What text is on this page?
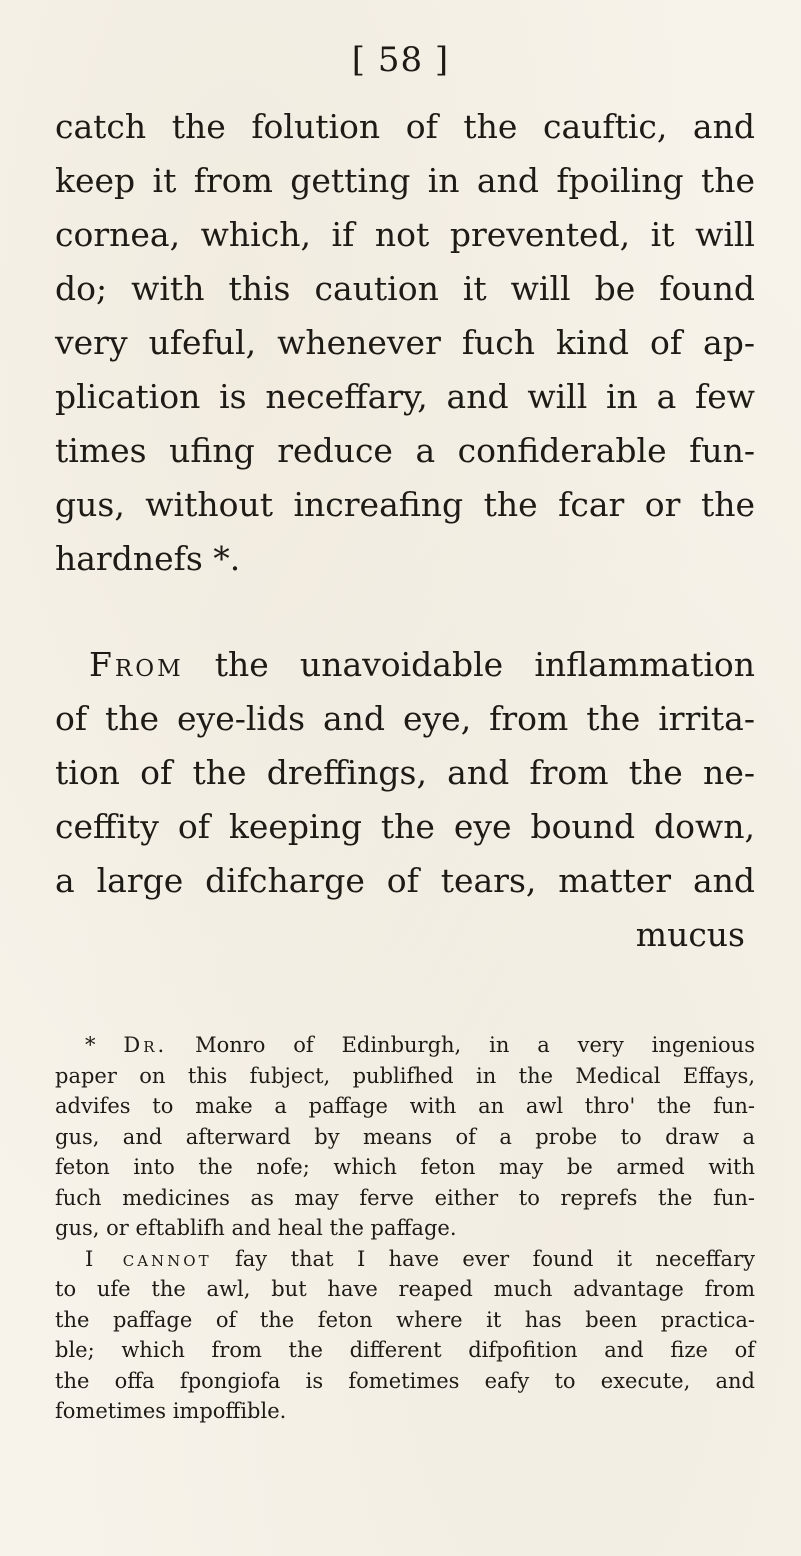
[ 58 ]
catch the folution of the cauftic, and
keep it from getting in and fpoiling the
cornea, which, if not prevented, it will
do; with this caution it will be found
very ufeful, whenever fuch kind of ap-
plication is neceffary, and will in a few
times ufing reduce a confiderable fun-
gus, without increafing the fcar or the
hardnefs *.
From the unavoidable inflammation
of the eye-lids and eye, from the irrita-
tion of the dreffings, and from the ne-
ceffity of keeping the eye bound down,
a large difcharge of tears, matter and
mucus
* Dr. Monro of Edinburgh, in a very ingenious
paper on this fubject, publifhed in the Medical Effays,
advifes to make a paffage with an awl thro' the fun-
gus, and afterward by means of a probe to draw a
feton into the nofe; which feton may be armed with
fuch medicines as may ferve either to reprefs the fun-
gus, or eftablifh and heal the paffage.
I cannot fay that I have ever found it neceffary
to ufe the awl, but have reaped much advantage from
the paffage of the feton where it has been practica-
ble; which from the different difpofition and fize of
the offa fpongiofa is fometimes eafy to execute, and
fometimes impoffible.
